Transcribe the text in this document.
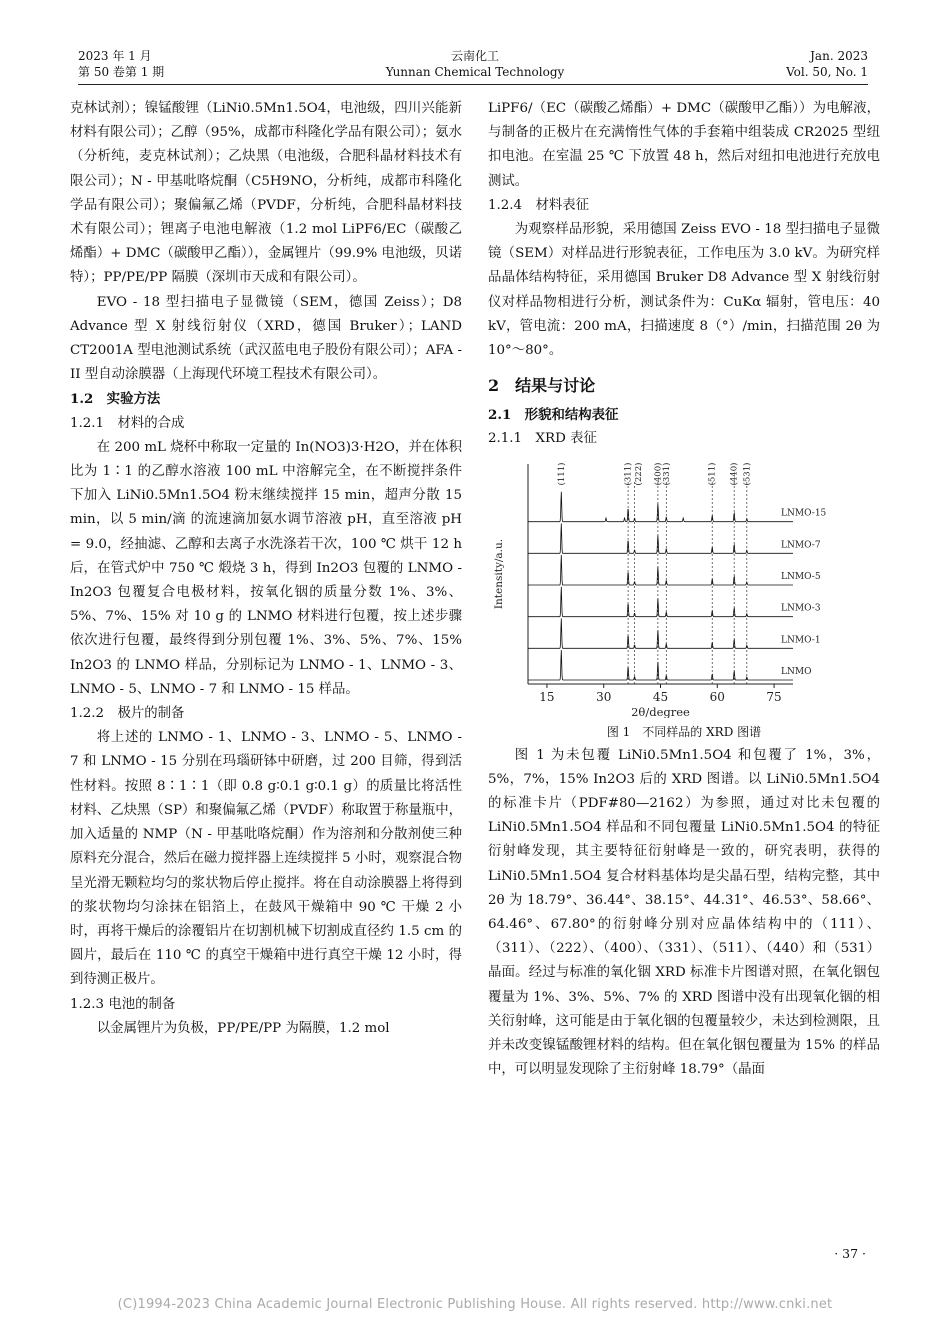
2023 年 1 月
第 50 卷第 1 期
云南化工
Yunnan Chemical Technology
Jan. 2023
Vol. 50, No. 1

克林试剂）；镍锰酸锂（LiNi0.5Mn1.5O4，电池级，四川兴能新材料有限公司）；乙醇（95%，成都市科隆化学品有限公司）；氨水（分析纯，麦克林试剂）；乙炔黑（电池级，合肥科晶材料技术有限公司）；N - 甲基吡咯烷酮（C5H9NO，分析纯，成都市科隆化学品有限公司）；聚偏氟乙烯（PVDF，分析纯，合肥科晶材料技术有限公司）；锂离子电池电解液（1.2 mol LiPF6/EC（碳酸乙烯酯）+ DMC（碳酸甲乙酯）），金属锂片（99.9% 电池级，贝诺特）；PP/PE/PP 隔膜（深圳市天成和有限公司）。

EVO - 18 型扫描电子显微镜（SEM，德国 Zeiss）；D8 Advance 型 X 射线衍射仪（XRD，德国 Bruker）；LAND CT2001A 型电池测试系统（武汉蓝电电子股份有限公司）；AFA - II 型自动涂膜器（上海现代环境工程技术有限公司）。

1.2　实验方法

1.2.1　材料的合成

在 200 mL 烧杯中称取一定量的 In(NO3)3·H2O，并在体积比为 1∶1 的乙醇水溶液 100 mL 中溶解完全，在不断搅拌条件下加入 LiNi0.5Mn1.5O4 粉末继续搅拌 15 min，超声分散 15 min，以 5 min/滴 的流速滴加氨水调节溶液 pH，直至溶液 pH = 9.0，经抽滤、乙醇和去离子水洗涤若干次，100 ℃ 烘干 12 h 后，在管式炉中 750 ℃ 煅烧 3 h，得到 In2O3 包覆的 LNMO - In2O3 包覆复合电极材料，按氧化铟的质量分数 1%、3%、5%、7%、15% 对 10 g 的 LNMO 材料进行包覆，按上述步骤依次进行包覆，最终得到分别包覆 1%、3%、5%、7%、15% In2O3 的 LNMO 样品，分别标记为 LNMO - 1、LNMO - 3、LNMO - 5、LNMO - 7 和 LNMO - 15 样品。

1.2.2　极片的制备

将上述的 LNMO - 1、LNMO - 3、LNMO - 5、LNMO - 7 和 LNMO - 15 分别在玛瑙研钵中研磨，过 200 目筛，得到活性材料。按照 8∶1∶1（即 0.8 g∶0.1 g∶0.1 g）的质量比将活性材料、乙炔黑（SP）和聚偏氟乙烯（PVDF）称取置于称量瓶中，加入适量的 NMP（N - 甲基吡咯烷酮）作为溶剂和分散剂使三种原料充分混合，然后在磁力搅拌器上连续搅拌 5 小时，观察混合物呈光滑无颗粒均匀的浆状物后停止搅拌。将在自动涂膜器上将得到的浆状物均匀涂抹在铝箔上，在鼓风干燥箱中 90 ℃ 干燥 2 小时，再将干燥后的涂覆铝片在切割机械下切割成直径约 1.5 cm 的圆片，最后在 110 ℃ 的真空干燥箱中进行真空干燥 12 小时，得到待测正极片。

1.2.3 电池的制备

以金属锂片为负极，PP/PE/PP 为隔膜，1.2 mol

LiPF6/（EC（碳酸乙烯酯）+ DMC（碳酸甲乙酯））为电解液，与制备的正极片在充满惰性气体的手套箱中组装成 CR2025 型纽扣电池。在室温 25 ℃ 下放置 48 h，然后对纽扣电池进行充放电测试。

1.2.4　材料表征

为观察样品形貌，采用德国 Zeiss EVO - 18 型扫描电子显微镜（SEM）对样品进行形貌表征，工作电压为 3.0 kV。为研究样品晶体结构特征，采用德国 Bruker D8 Advance 型 X 射线衍射仪对样品物相进行分析，测试条件为：CuKα 辐射，管电压：40 kV，管电流：200 mA，扫描速度 8（°）/min，扫描范围 2θ 为 10°～80°。

2　结果与讨论

2.1　形貌和结构表征

2.1.1　XRD 表征

15	30	45	60	75
2θ/degree
Intensity/a.u.
(111)	(311) (222) (400)
(331)	(511) (440) (531)
LNMO-15
LNMO-7
LNMO-5
LNMO-3
LNMO-1
LNMO

图 1　不同样品的 XRD 图谱

图 1 为未包覆 LiNi0.5Mn1.5O4 和包覆了 1%，3%，5%，7%，15% In2O3 后的 XRD 图谱。以 LiNi0.5Mn1.5O4 的标准卡片（PDF#80—2162）为参照，通过对比未包覆的 LiNi0.5Mn1.5O4 样品和不同包覆量 LiNi0.5Mn1.5O4 的特征衍射峰发现，其主要特征衍射峰是一致的，研究表明，获得的 LiNi0.5Mn1.5O4 复合材料基体均是尖晶石型，结构完整，其中 2θ 为 18.79°、36.44°、38.15°、44.31°、46.53°、58.66°、64.46°、67.80°的衍射峰分别对应晶体结构中的（111）、（311）、（222）、（400）、（331）、（511）、（440）和（531）晶面。经过与标准的氧化铟 XRD 标准卡片图谱对照，在氧化铟包覆量为 1%、3%、5%、7% 的 XRD 图谱中没有出现氧化铟的相关衍射峰，这可能是由于氧化铟的包覆量较少，未达到检测限，且并未改变镍锰酸锂材料的结构。但在氧化铟包覆量为 15% 的样品中，可以明显发现除了主衍射峰 18.79°（晶面

· 37 ·
(C)1994-2023 China Academic Journal Electronic Publishing House. All rights reserved. http://www.cnki.net
